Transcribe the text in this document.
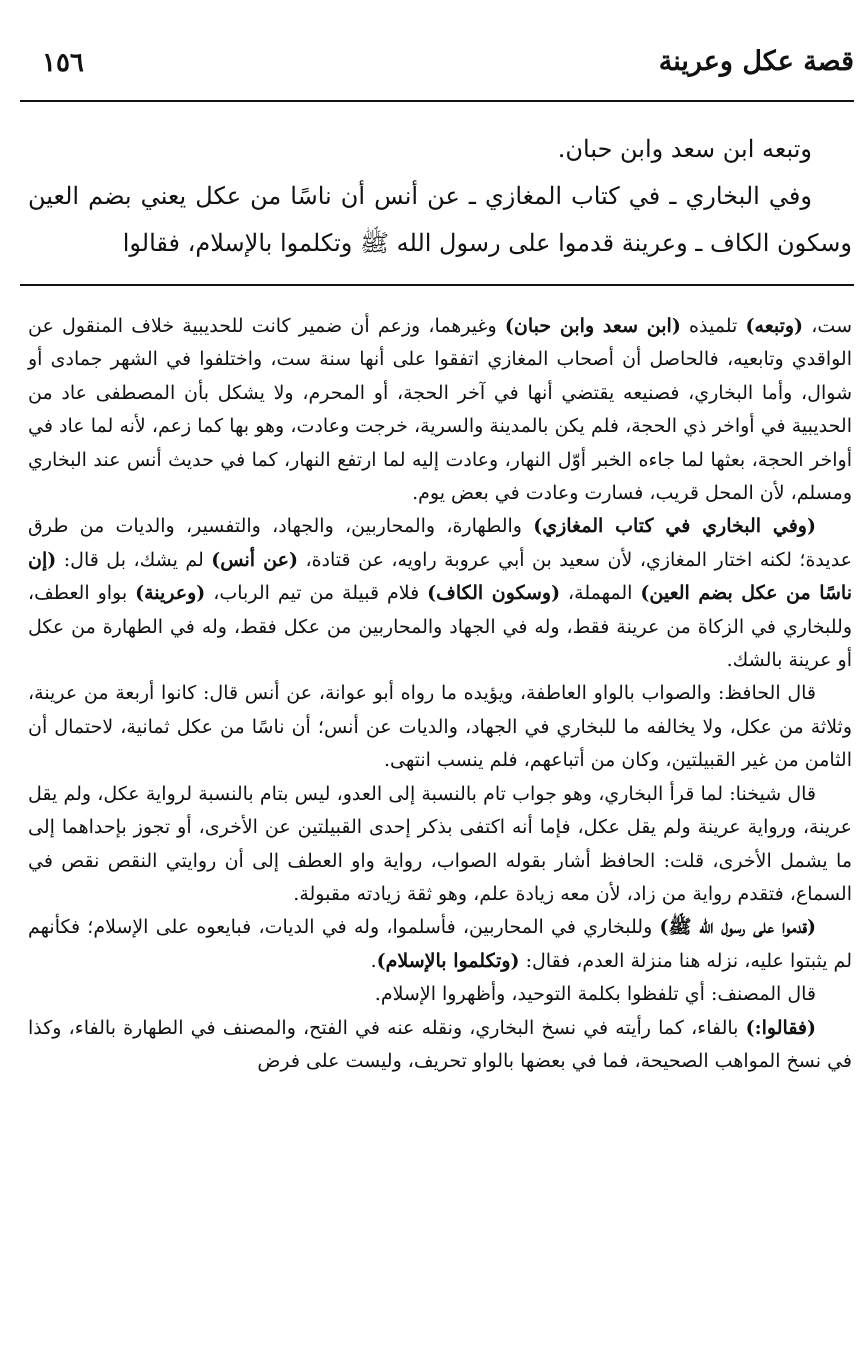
قصة عكل وعرينة
١٥٦

وتبعه ابن سعد وابن حبان.

وفي البخاري ـ في كتاب المغازي ـ عن أنس أن ناسًا من عكل يعني بضم العين وسكون الكاف ـ وعرينة قدموا على رسول الله ﷺ وتكلموا بالإسلام، فقالوا

ست، (وتبعه) تلميذه (ابن سعد وابن حبان) وغيرهما، وزعم أن ضمير كانت للحديبية خلاف المنقول عن الواقدي وتابعيه، فالحاصل أن أصحاب المغازي اتفقوا على أنها سنة ست، واختلفوا في الشهر جمادى أو شوال، وأما البخاري، فصنيعه يقتضي أنها في آخر الحجة، أو المحرم، ولا يشكل بأن المصطفى عاد من الحديبية في أواخر ذي الحجة، فلم يكن بالمدينة والسرية، خرجت وعادت، وهو بها كما زعم، لأنه لما عاد في أواخر الحجة، بعثها لما جاءه الخبر أوّل النهار، وعادت إليه لما ارتفع النهار، كما في حديث أنس عند البخاري ومسلم، لأن المحل قريب، فسارت وعادت في بعض يوم.

(وفي البخاري في كتاب المغازي) والطهارة، والمحاربين، والجهاد، والتفسير، والديات من طرق عديدة؛ لكنه اختار المغازي، لأن سعيد بن أبي عروبة راويه، عن قتادة، (عن أنس) لم يشك، بل قال: (إن ناسًا من عكل بضم العين) المهملة، (وسكون الكاف) فلام قبيلة من تيم الرباب، (وعرينة) بواو العطف، وللبخاري في الزكاة من عرينة فقط، وله في الجهاد والمحاربين من عكل فقط، وله في الطهارة من عكل أو عرينة بالشك.

قال الحافظ: والصواب بالواو العاطفة، ويؤيده ما رواه أبو عوانة، عن أنس قال: كانوا أربعة من عرينة، وثلاثة من عكل، ولا يخالفه ما للبخاري في الجهاد، والديات عن أنس؛ أن ناسًا من عكل ثمانية، لاحتمال أن الثامن من غير القبيلتين، وكان من أتباعهم، فلم ينسب انتهى.

قال شيخنا: لما قرأ البخاري، وهو جواب تام بالنسبة إلى العدو، ليس بتام بالنسبة لرواية عكل، ولم يقل عرينة، ورواية عرينة ولم يقل عكل، فإما أنه اكتفى بذكر إحدى القبيلتين عن الأخرى، أو تجوز بإحداهما إلى ما يشمل الأخرى، قلت: الحافظ أشار بقوله الصواب، رواية واو العطف إلى أن روايتي النقص نقص في السماع، فتقدم رواية من زاد، لأن معه زيادة علم، وهو ثقة زيادته مقبولة.

(قدموا على رسول الله ﷺ) وللبخاري في المحاربين، فأسلموا، وله في الديات، فبايعوه على الإسلام؛ فكأنهم لم يثبتوا عليه، نزله هنا منزلة العدم، فقال: (وتكلموا بالإسلام).

قال المصنف: أي تلفظوا بكلمة التوحيد، وأظهروا الإسلام.

(فقالوا:) بالفاء، كما رأيته في نسخ البخاري، ونقله عنه في الفتح، والمصنف في الطهارة بالفاء، وكذا في نسخ المواهب الصحيحة، فما في بعضها بالواو تحريف، وليست على فرض
